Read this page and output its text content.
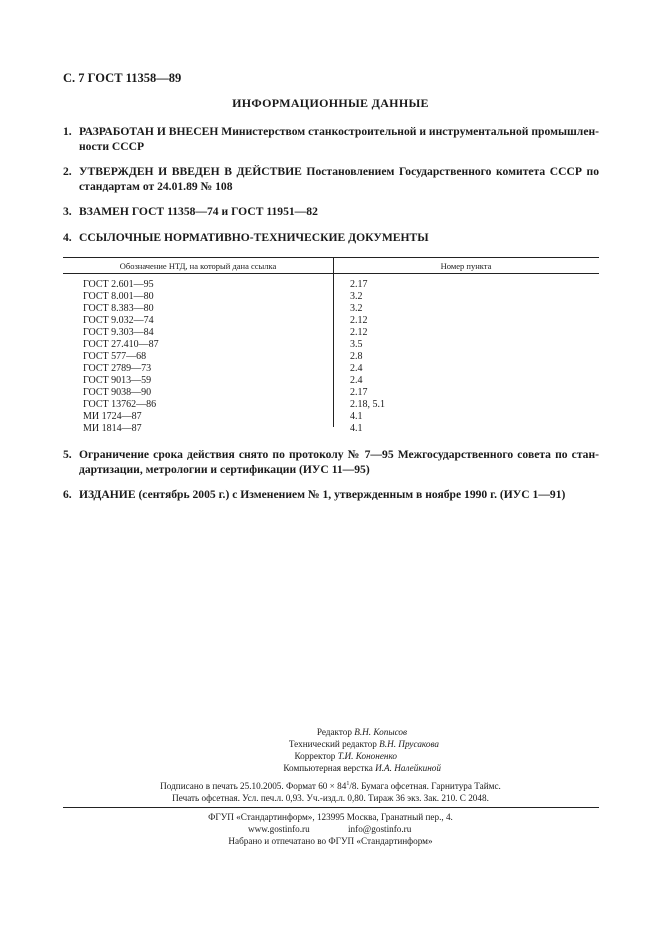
С. 7 ГОСТ 11358—89
ИНФОРМАЦИОННЫЕ ДАННЫЕ
1. РАЗРАБОТАН И ВНЕСЕН Министерством станкостроительной и инструментальной промышлен-ности СССР
2. УТВЕРЖДЕН И ВВЕДЕН В ДЕЙСТВИЕ Постановлением Государственного комитета СССР по стандартам от 24.01.89 № 108
3. ВЗАМЕН ГОСТ 11358—74 и ГОСТ 11951—82
4. ССЫЛОЧНЫЕ НОРМАТИВНО-ТЕХНИЧЕСКИЕ ДОКУМЕНТЫ
Обозначение НТД, на который дана ссылка	Номер пункта
ГОСТ 2.601—95
ГОСТ 8.001—80
ГОСТ 8.383—80
ГОСТ 9.032—74
ГОСТ 9.303—84
ГОСТ 27.410—87
ГОСТ 577—68
ГОСТ 2789—73
ГОСТ 9013—59
ГОСТ 9038—90
ГОСТ 13762—86
МИ 1724—87
МИ 1814—87
2.17
3.2
3.2
2.12
2.12
3.5
2.8
2.4
2.4
2.17
2.18, 5.1
4.1
4.1
5. Ограничение срока действия снято по протоколу № 7—95 Межгосударственного совета по стан-дартизации, метрологии и сертификации (ИУС 11—95)
6. ИЗДАНИЕ (сентябрь 2005 г.) с Изменением № 1, утвержденным в ноябре 1990 г. (ИУС 1—91)
Редактор В.Н. Копысов
Технический редактор В.Н. Прусакова
Корректор Т.И. Кононенко
Компьютерная верстка И.А. Налейкиной
Подписано в печать 25.10.2005. Формат $60 \times 84^1/8$. Бумага офсетная. Гарнитура Таймс.
Печать офсетная. Усл. печ.л. 0,93. Уч.-изд.л. 0,80. Тираж 36 экз. Зак. 210. С 2048.
ФГУП «Стандартинформ», 123995 Москва, Гранатный пер., 4.
www.gostinfo.ru	info@gostinfo.ru
Набрано и отпечатано во ФГУП «Стандартинформ»
